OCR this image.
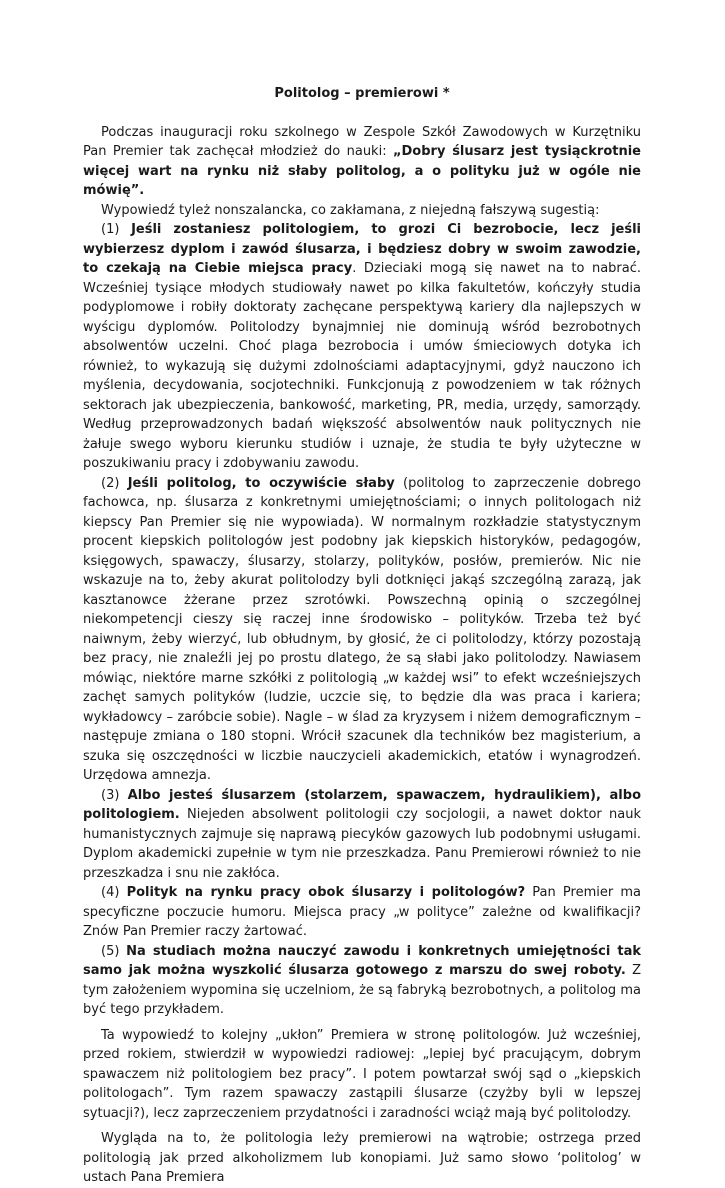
Politolog – premierowi *

Podczas inauguracji roku szkolnego w Zespole Szkół Zawodowych w Kurzętniku Pan Premier tak zachęcał młodzież do nauki: „Dobry ślusarz jest tysiąckrotnie więcej wart na rynku niż słaby politolog, a o polityku już w ogóle nie mówię”.

Wypowiedź tyleż nonszalancka, co zakłamana, z niejedną fałszywą sugestią:

(1) Jeśli zostaniesz politologiem, to grozi Ci bezrobocie, lecz jeśli wybierzesz dyplom i zawód ślusarza, i będziesz dobry w swoim zawodzie, to czekają na Ciebie miejsca pracy. Dzieciaki mogą się nawet na to nabrać. Wcześniej tysiące młodych studiowały nawet po kilka fakultetów, kończyły studia podyplomowe i robiły doktoraty zachęcane perspektywą kariery dla najlepszych w wyścigu dyplomów. Politolodzy bynajmniej nie dominują wśród bezrobotnych absolwentów uczelni. Choć plaga bezrobocia i umów śmieciowych dotyka ich również, to wykazują się dużymi zdolnościami adaptacyjnymi, gdyż nauczono ich myślenia, decydowania, socjotechniki. Funkcjonują z powodzeniem w tak różnych sektorach jak ubezpieczenia, bankowość, marketing, PR, media, urzędy, samorządy. Według przeprowadzonych badań większość absolwentów nauk politycznych nie żałuje swego wyboru kierunku studiów i uznaje, że studia te były użyteczne w poszukiwaniu pracy i zdobywaniu zawodu.

(2) Jeśli politolog, to oczywiście słaby (politolog to zaprzeczenie dobrego fachowca, np. ślusarza z konkretnymi umiejętnościami; o innych politologach niż kiepscy Pan Premier się nie wypowiada). W normalnym rozkładzie statystycznym procent kiepskich politologów jest podobny jak kiepskich historyków, pedagogów, księgowych, spawaczy, ślusarzy, stolarzy, polityków, posłów, premierów. Nic nie wskazuje na to, żeby akurat politolodzy byli dotknięci jakąś szczególną zarazą, jak kasztanowce żżerane przez szrotówki. Powszechną opinią o szczególnej niekompetencji cieszy się raczej inne środowisko – polityków. Trzeba też być naiwnym, żeby wierzyć, lub obłudnym, by głosić, że ci politolodzy, którzy pozostają bez pracy, nie znaleźli jej po prostu dlatego, że są słabi jako politolodzy. Nawiasem mówiąc, niektóre marne szkółki z politologią „w każdej wsi” to efekt wcześniejszych zachęt samych polityków (ludzie, uczcie się, to będzie dla was praca i kariera; wykładowcy – zaróbcie sobie). Nagle – w ślad za kryzysem i niżem demograficznym – następuje zmiana o 180 stopni. Wrócił szacunek dla techników bez magisterium, a szuka się oszczędności w liczbie nauczycieli akademickich, etatów i wynagrodzeń. Urzędowa amnezja.

(3) Albo jesteś ślusarzem (stolarzem, spawaczem, hydraulikiem), albo politologiem. Niejeden absolwent politologii czy socjologii, a nawet doktor nauk humanistycznych zajmuje się naprawą piecyków gazowych lub podobnymi usługami. Dyplom akademicki zupełnie w tym nie przeszkadza. Panu Premierowi również to nie przeszkadza i snu nie zakłóca.

(4) Polityk na rynku pracy obok ślusarzy i politologów? Pan Premier ma specyficzne poczucie humoru. Miejsca pracy „w polityce” zależne od kwalifikacji? Znów Pan Premier raczy żartować.

(5) Na studiach można nauczyć zawodu i konkretnych umiejętności tak samo jak można wyszkolić ślusarza gotowego z marszu do swej roboty. Z tym założeniem wypomina się uczelniom, że są fabryką bezrobotnych, a politolog ma być tego przykładem.

Ta wypowiedź to kolejny „ukłon” Premiera w stronę politologów. Już wcześniej, przed rokiem, stwierdził w wypowiedzi radiowej: „lepiej być pracującym, dobrym spawaczem niż politologiem bez pracy”. I potem powtarzał swój sąd o „kiepskich politologach”. Tym razem spawaczy zastąpili ślusarze (czyżby byli w lepszej sytuacji?), lecz zaprzeczeniem przydatności i zaradności wciąż mają być politolodzy.

Wygląda na to, że politologia leży premierowi na wątrobie; ostrzega przed politologią jak przed alkoholizmem lub konopiami. Już samo słowo ‘politolog’ w ustach Pana Premiera
